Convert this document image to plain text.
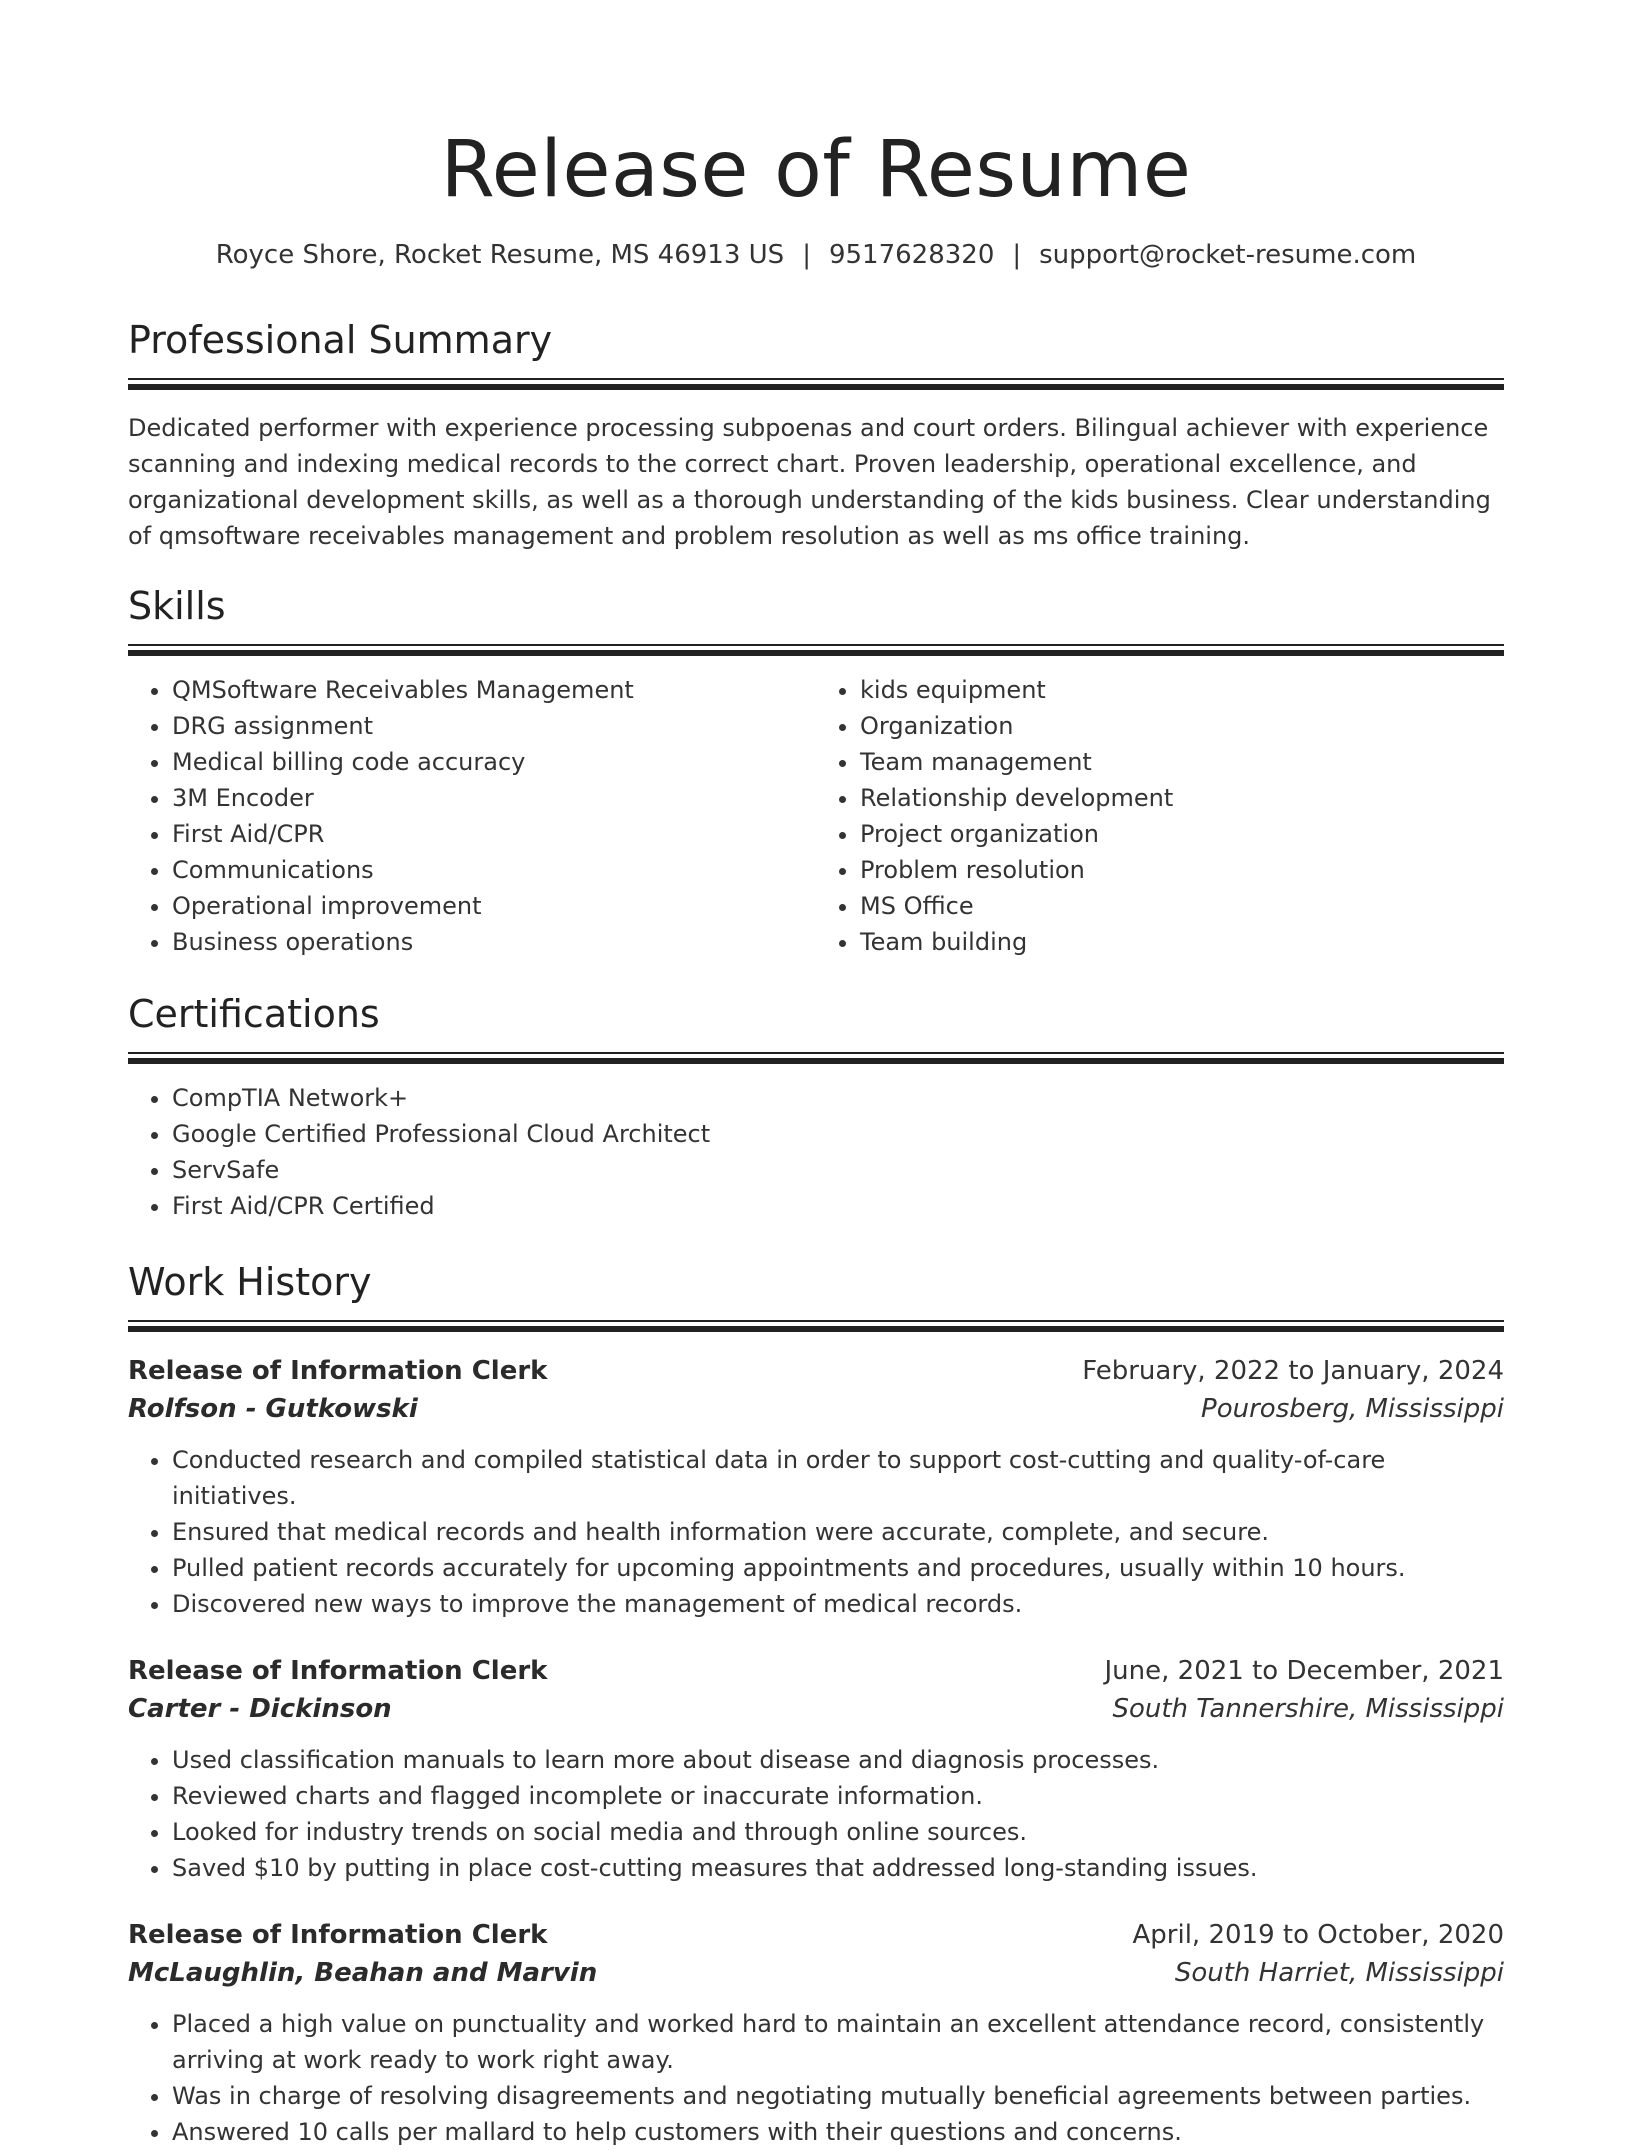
Release of Resume
Royce Shore, Rocket Resume, MS 46913 US | 9517628320 | support@rocket-resume.com
Professional Summary
Dedicated performer with experience processing subpoenas and court orders. Bilingual achiever with experience scanning and indexing medical records to the correct chart. Proven leadership, operational excellence, and organizational development skills, as well as a thorough understanding of the kids business. Clear understanding of qmsoftware receivables management and problem resolution as well as ms office training.
Skills
• QMSoftware Receivables Management
• DRG assignment
• Medical billing code accuracy
• 3M Encoder
• First Aid/CPR
• Communications
• Operational improvement
• Business operations
• kids equipment
• Organization
• Team management
• Relationship development
• Project organization
• Problem resolution
• MS Office
• Team building
Certifications
• CompTIA Network+
• Google Certified Professional Cloud Architect
• ServSafe
• First Aid/CPR Certified
Work History
Release of Information Clerk	February, 2022 to January, 2024
Rolfson - Gutkowski	Pourosberg, Mississippi
• Conducted research and compiled statistical data in order to support cost-cutting and quality-of-care initiatives.
• Ensured that medical records and health information were accurate, complete, and secure.
• Pulled patient records accurately for upcoming appointments and procedures, usually within 10 hours.
• Discovered new ways to improve the management of medical records.
Release of Information Clerk	June, 2021 to December, 2021
Carter - Dickinson	South Tannershire, Mississippi
• Used classification manuals to learn more about disease and diagnosis processes.
• Reviewed charts and flagged incomplete or inaccurate information.
• Looked for industry trends on social media and through online sources.
• Saved $10 by putting in place cost-cutting measures that addressed long-standing issues.
Release of Information Clerk	April, 2019 to October, 2020
McLaughlin, Beahan and Marvin	South Harriet, Mississippi
• Placed a high value on punctuality and worked hard to maintain an excellent attendance record, consistently arriving at work ready to work right away.
• Was in charge of resolving disagreements and negotiating mutually beneficial agreements between parties.
• Answered 10 calls per mallard to help customers with their questions and concerns.
